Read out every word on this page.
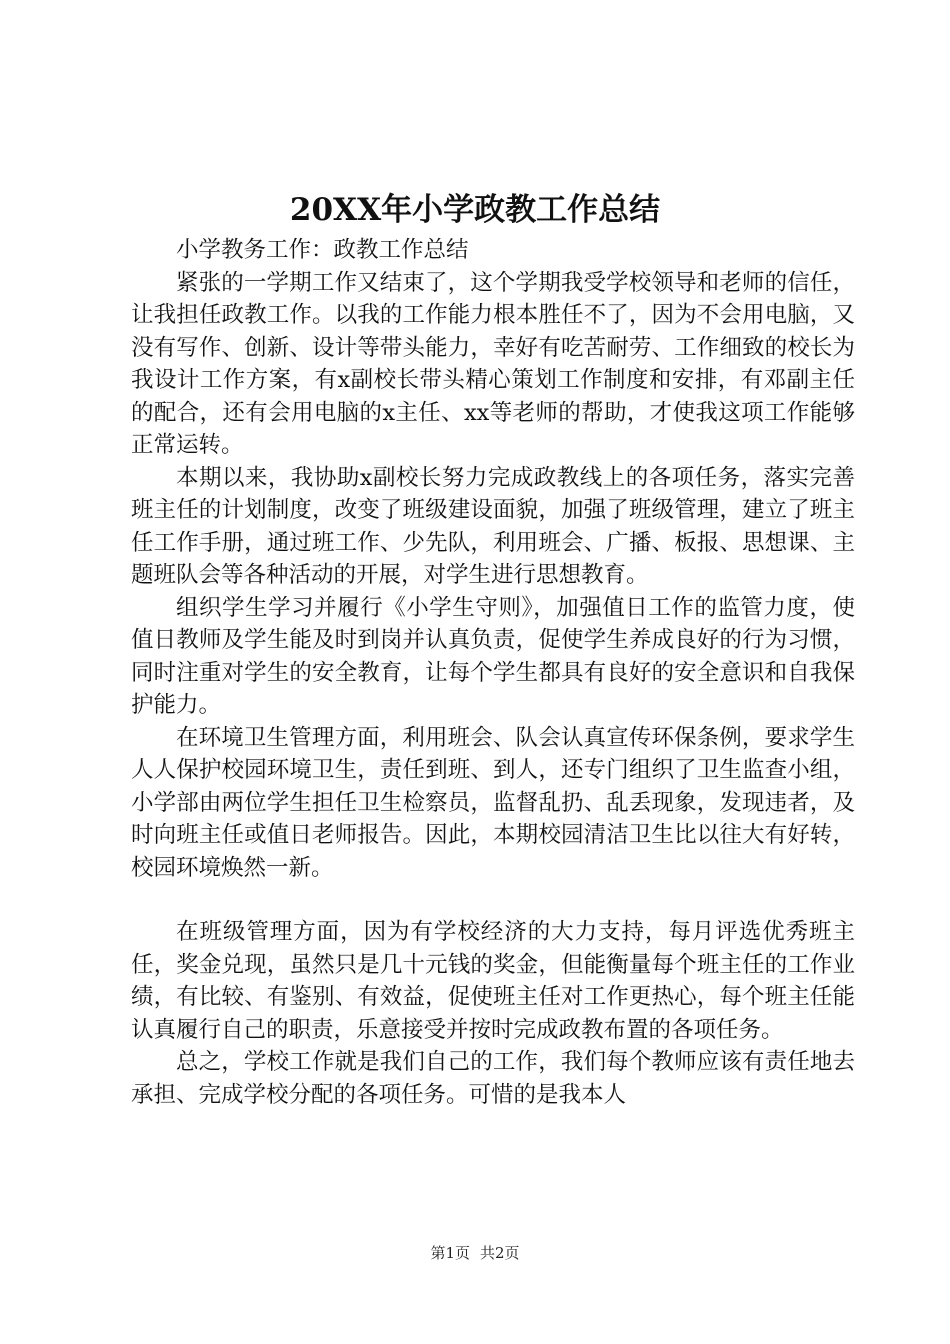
20XX年小学政教工作总结

小学教务工作：政教工作总结

紧张的一学期工作又结束了，这个学期我受学校领导和老师的信任，让我担任政教工作。以我的工作能力根本胜任不了，因为不会用电脑，又没有写作、创新、设计等带头能力，幸好有吃苦耐劳、工作细致的校长为我设计工作方案，有x副校长带头精心策划工作制度和安排，有邓副主任的配合，还有会用电脑的x主任、xx等老师的帮助，才使我这项工作能够正常运转。

本期以来，我协助x副校长努力完成政教线上的各项任务，落实完善班主任的计划制度，改变了班级建设面貌，加强了班级管理，建立了班主任工作手册，通过班工作、少先队，利用班会、广播、板报、思想课、主题班队会等各种活动的开展，对学生进行思想教育。

组织学生学习并履行《小学生守则》，加强值日工作的监管力度，使值日教师及学生能及时到岗并认真负责，促使学生养成良好的行为习惯，同时注重对学生的安全教育，让每个学生都具有良好的安全意识和自我保护能力。

在环境卫生管理方面，利用班会、队会认真宣传环保条例，要求学生人人保护校园环境卫生，责任到班、到人，还专门组织了卫生监查小组，小学部由两位学生担任卫生检察员，监督乱扔、乱丢现象，发现违者，及时向班主任或值日老师报告。因此，本期校园清洁卫生比以往大有好转，校园环境焕然一新。

在班级管理方面，因为有学校经济的大力支持，每月评选优秀班主任，奖金兑现，虽然只是几十元钱的奖金，但能衡量每个班主任的工作业绩，有比较、有鉴别、有效益，促使班主任对工作更热心，每个班主任能认真履行自己的职责，乐意接受并按时完成政教布置的各项任务。

总之，学校工作就是我们自己的工作，我们每个教师应该有责任地去承担、完成学校分配的各项任务。可惜的是我本人

第1页 共2页
